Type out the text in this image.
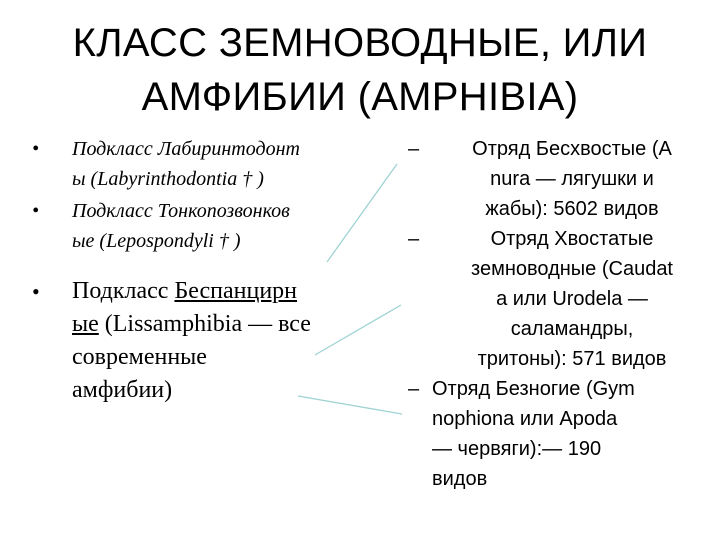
КЛАСС ЗЕМНОВОДНЫЕ, ИЛИ
АМФИБИИ (AMPHIBIA)
• Подкласс Лабиринтодонт
ы (Labyrinthodontia † )
• Подкласс Тонкопозвонков
ые (Lepospondyli † )
• Подкласс Беспанцирн
ые (Lissamphibia — все
современные
амфибии)
–	Отряд Бесхвостые (A
nura — лягушки и
жабы): 5602 видов
–	Отряд Хвостатые
земноводные (Caudat
a или Urodela —
саламандры,
тритоны): 571 видов
– Отряд Безногие (Gym
nophiona или Apoda
— червяги):— 190
видов
